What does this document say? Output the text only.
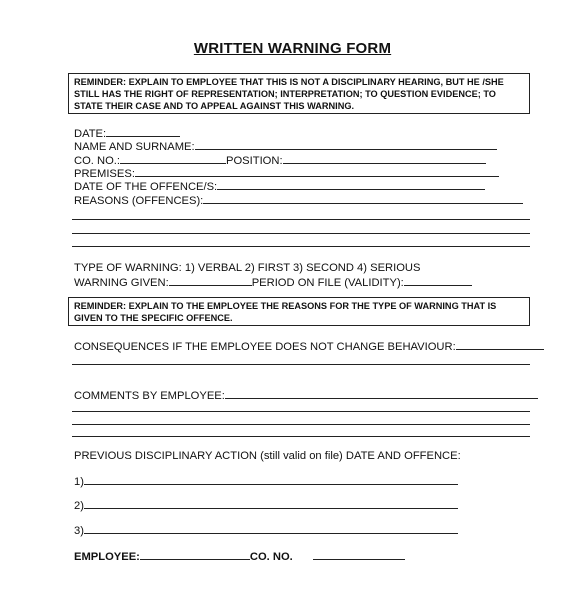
WRITTEN WARNING FORM
REMINDER: EXPLAIN TO EMPLOYEE THAT THIS IS NOT A DISCIPLINARY HEARING, BUT HE /SHE STILL HAS THE RIGHT OF REPRESENTATION; INTERPRETATION; TO QUESTION EVIDENCE; TO STATE THEIR CASE AND TO APPEAL AGAINST THIS WARNING.
DATE:
NAME AND SURNAME:
CO. NO.:	POSITION:
PREMISES:
DATE OF THE OFFENCE/S:
REASONS (OFFENCES):
TYPE OF WARNING: 1) VERBAL 2) FIRST 3) SECOND 4) SERIOUS
WARNING GIVEN:	PERIOD ON FILE (VALIDITY):
REMINDER: EXPLAIN TO THE EMPLOYEE THE REASONS FOR THE TYPE OF WARNING THAT IS GIVEN TO THE SPECIFIC OFFENCE.
CONSEQUENCES IF THE EMPLOYEE DOES NOT CHANGE BEHAVIOUR:
COMMENTS BY EMPLOYEE:
PREVIOUS DISCIPLINARY ACTION (still valid on file) DATE AND OFFENCE:
1)
2)
3)
EMPLOYEE:	CO. NO.
